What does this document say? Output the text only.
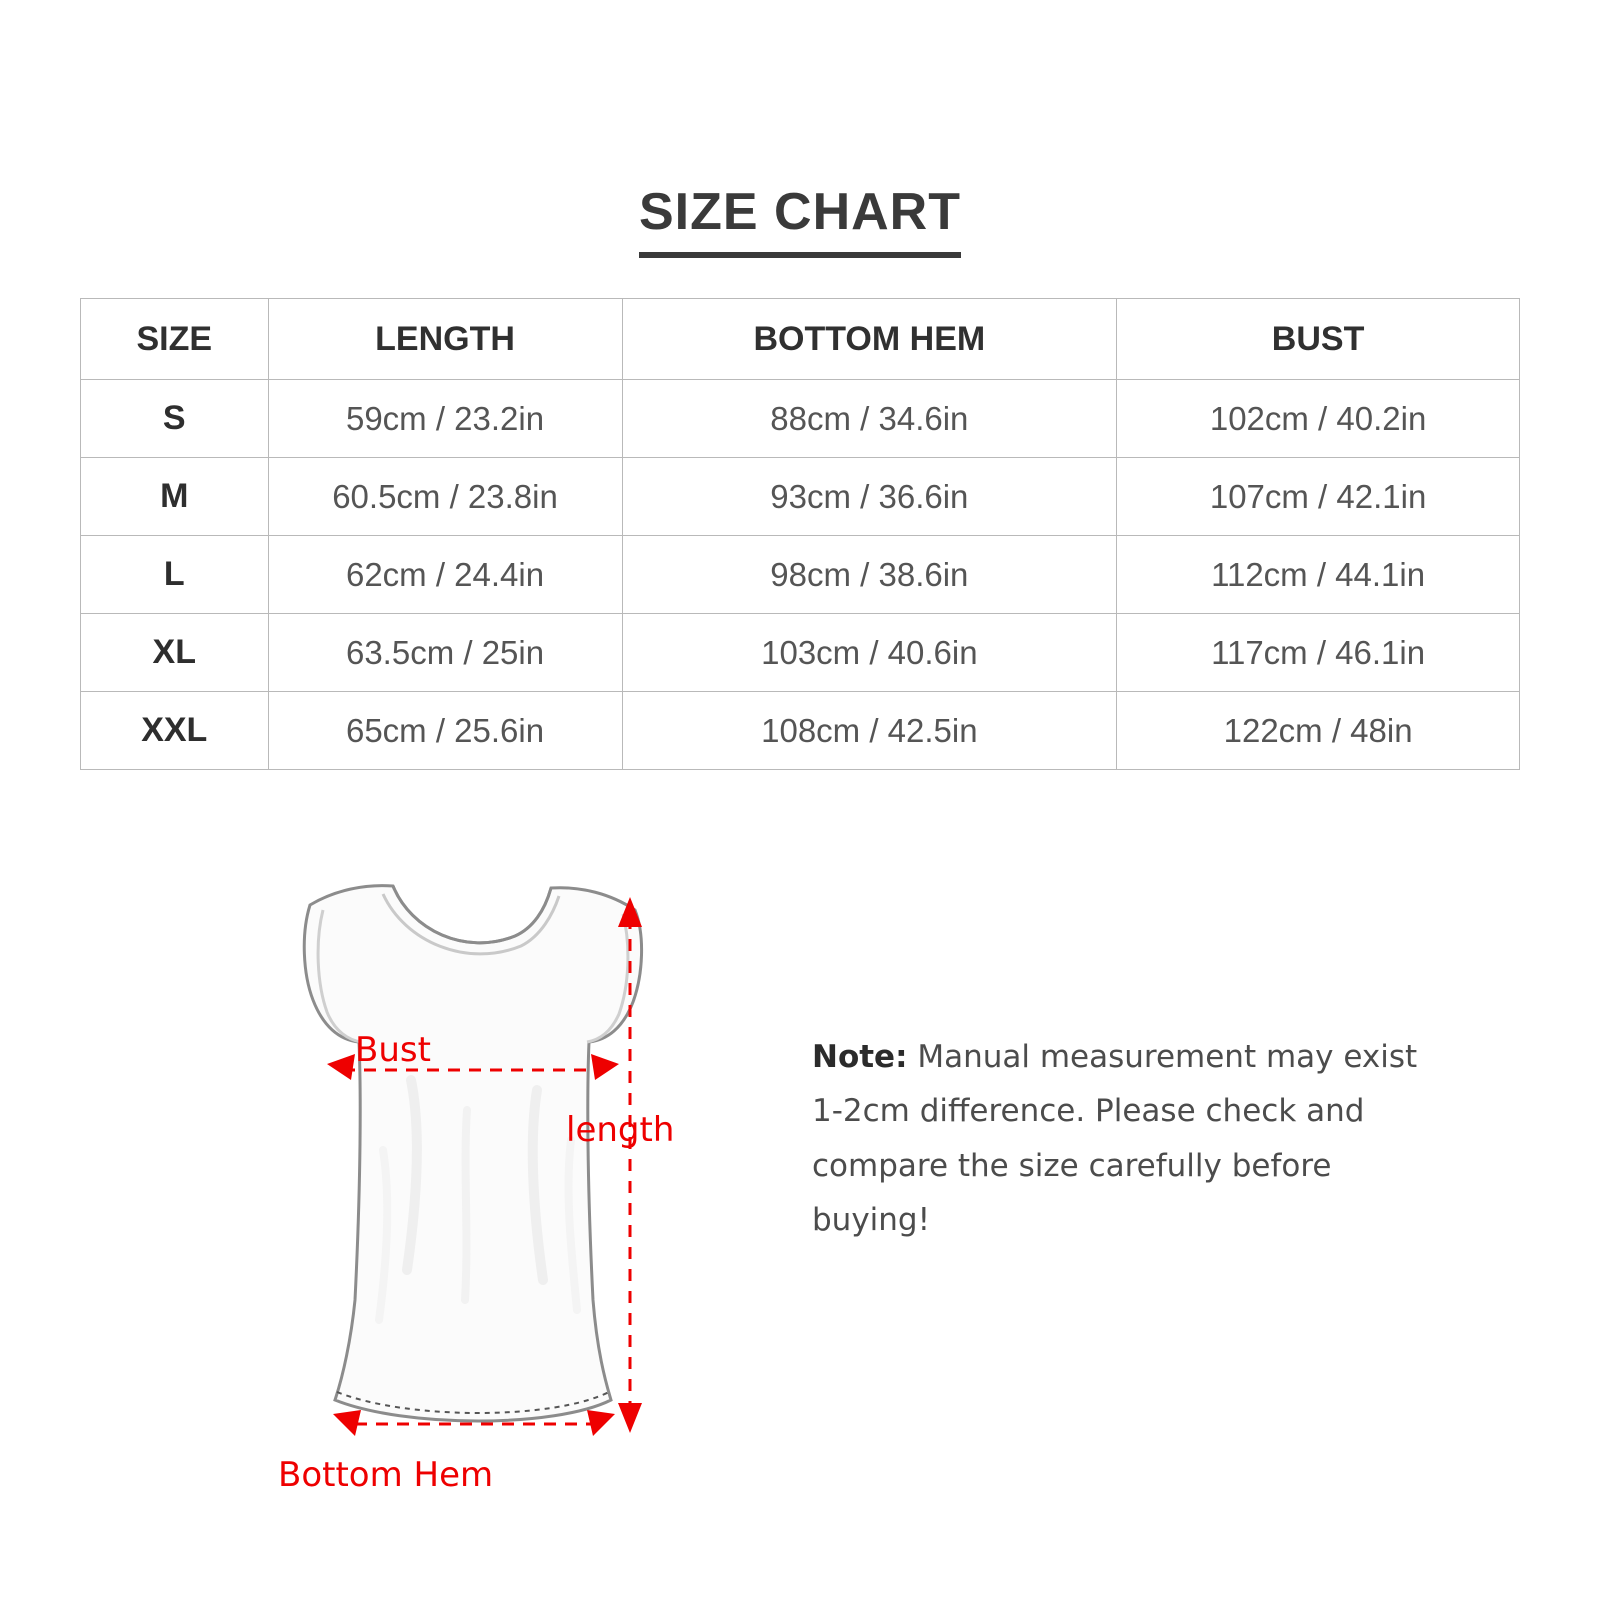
SIZE CHART
SIZE	LENGTH	BOTTOM HEM	BUST
S	59cm / 23.2in	88cm / 34.6in	102cm / 40.2in
M	60.5cm / 23.8in	93cm / 36.6in	107cm / 42.1in
L	62cm / 24.4in	98cm / 38.6in	112cm / 44.1in
XL	63.5cm / 25in	103cm / 40.6in	117cm / 46.1in
XXL	65cm / 25.6in	108cm / 42.5in	122cm / 48in
Bust
Bottom Hem
length
Note: Manual measurement may exist 1-2cm difference. Please check and compare the size carefully before buying!
